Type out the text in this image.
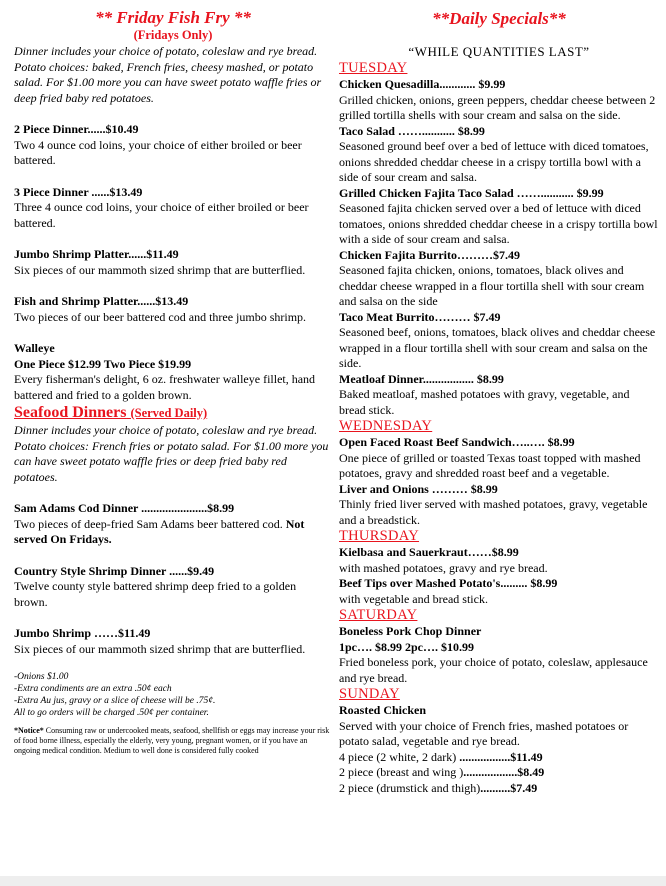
** Friday Fish Fry **
(Fridays Only)
Dinner includes your choice of potato, coleslaw and rye bread. Potato choices: baked, French fries, cheesy mashed, or potato salad. For $1.00 more you can have sweet potato waffle fries or deep fried baby red potatoes.
2 Piece Dinner......$10.49
Two 4 ounce cod loins, your choice of either broiled or beer battered.
3 Piece Dinner ......$13.49
Three 4 ounce cod loins, your choice of either broiled or beer battered.
Jumbo Shrimp Platter......$11.49
Six pieces of our mammoth sized shrimp that are butterflied.
Fish and Shrimp Platter......$13.49
Two pieces of our beer battered cod and three jumbo shrimp.
Walleye
One Piece $12.99 Two Piece $19.99
Every fisherman's delight, 6 oz. freshwater walleye fillet, hand battered and fried to a golden brown.
Seafood Dinners (Served Daily)
Dinner includes your choice of potato, coleslaw and rye bread.
Potato choices: French fries or potato salad. For $1.00 more you can have sweet potato waffle fries or deep fried baby red potatoes.
Sam Adams Cod Dinner ......................$8.99
Two pieces of deep-fried Sam Adams beer battered cod. Not served On Fridays.
Country Style Shrimp Dinner ......$9.49
Twelve county style battered shrimp deep fried to a golden brown.
Jumbo Shrimp ……$11.49
Six pieces of our mammoth sized shrimp that are butterflied.
-Onions $1.00
-Extra condiments are an extra .50¢ each
-Extra Au jus, gravy or a slice of cheese will be .75¢.
All to go orders will be charged .50¢ per container.
*Notice* Consuming raw or undercooked meats, seafood, shellfish or eggs may increase your risk of food borne illness, especially the elderly, very young, pregnant women, or if you have an ongoing medical condition. Medium to well done is considered fully cooked
**Daily Specials**
“WHILE QUANTITIES LAST”
TUESDAY
Chicken Quesadilla............ $9.99
Grilled chicken, onions, green peppers, cheddar cheese between 2 grilled tortilla shells with sour cream and salsa on the side.
Taco Salad ……........... $8.99
Seasoned ground beef over a bed of lettuce with diced tomatoes, onions shredded cheddar cheese in a crispy tortilla bowl with a side of sour cream and salsa.
Grilled Chicken Fajita Taco Salad ……........... $9.99
Seasoned fajita chicken served over a bed of lettuce with diced tomatoes, onions shredded cheddar cheese in a crispy tortilla bowl with a side of sour cream and salsa.
Chicken Fajita Burrito………$7.49
Seasoned fajita chicken, onions, tomatoes, black olives and cheddar cheese wrapped in a flour tortilla shell with sour cream and salsa on the side
Taco Meat Burrito……… $7.49
Seasoned beef, onions, tomatoes, black olives and cheddar cheese wrapped in a flour tortilla shell with sour cream and salsa on the side.
Meatloaf Dinner................. $8.99
Baked meatloaf, mashed potatoes with gravy, vegetable, and bread stick.
WEDNESDAY
Open Faced Roast Beef Sandwich…..…. $8.99
One piece of grilled or toasted Texas toast topped with mashed potatoes, gravy and shredded roast beef and a vegetable.
Liver and Onions ……… $8.99
Thinly fried liver served with mashed potatoes, gravy, vegetable and a breadstick.
THURSDAY
Kielbasa and Sauerkraut……$8.99
with mashed potatoes, gravy and rye bread.
Beef Tips over Mashed Potato's......... $8.99
with vegetable and bread stick.
SATURDAY
Boneless Pork Chop Dinner
1pc…. $8.99 2pc…. $10.99
Fried boneless pork, your choice of potato, coleslaw, applesauce and rye bread.
SUNDAY
Roasted Chicken
Served with your choice of French fries, mashed potatoes or potato salad, vegetable and rye bread.
4 piece (2 white, 2 dark) .................$11.49
2 piece (breast and wing )..................$8.49
2 piece (drumstick and thigh)..........$7.49
